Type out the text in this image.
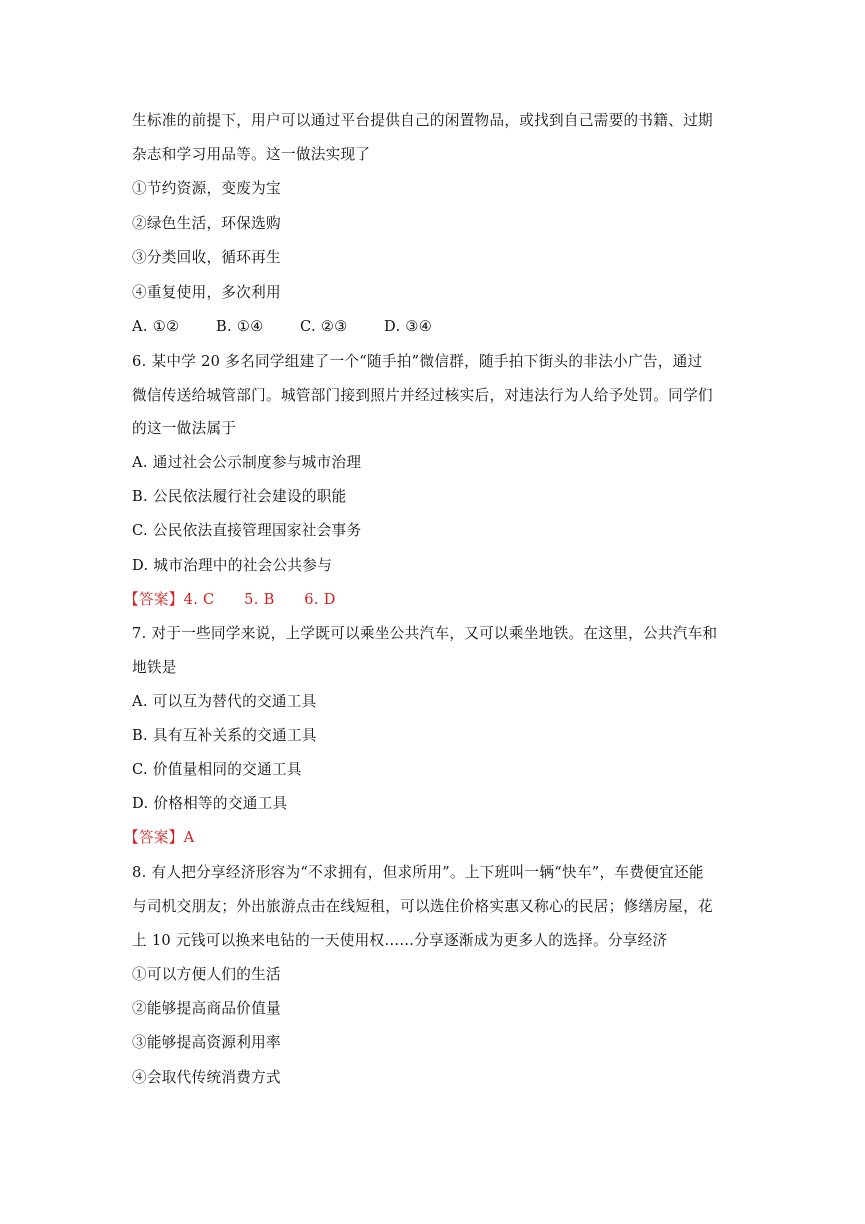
生标准的前提下，用户可以通过平台提供自己的闲置物品，或找到自己需要的书籍、过期
杂志和学习用品等。这一做法实现了
①节约资源，变废为宝
②绿色生活，环保选购
③分类回收，循环再生
④重复使用，多次利用
A. ①②	B. ①④ C. ②③ D. ③④
6. 某中学 20 多名同学组建了一个“随手拍”微信群，随手拍下街头的非法小广告，通过
微信传送给城管部门。城管部门接到照片并经过核实后，对违法行为人给予处罚。同学们
的这一做法属于
A. 通过社会公示制度参与城市治理
B. 公民依法履行社会建设的职能
C. 公民依法直接管理国家社会事务
D. 城市治理中的社会公共参与
【答案】4. C      5. B      6. D
7. 对于一些同学来说，上学既可以乘坐公共汽车，又可以乘坐地铁。在这里，公共汽车和
地铁是
A. 可以互为替代的交通工具
B. 具有互补关系的交通工具
C. 价值量相同的交通工具
D. 价格相等的交通工具
【答案】A
8. 有人把分享经济形容为“不求拥有，但求所用”。上下班叫一辆“快车”，车费便宜还能
与司机交朋友；外出旅游点击在线短租，可以选住价格实惠又称心的民居；修缮房屋，花
上 10 元钱可以换来电钻的一天使用权……分享逐渐成为更多人的选择。分享经济
①可以方便人们的生活
②能够提高商品价值量
③能够提高资源利用率
④会取代传统消费方式
